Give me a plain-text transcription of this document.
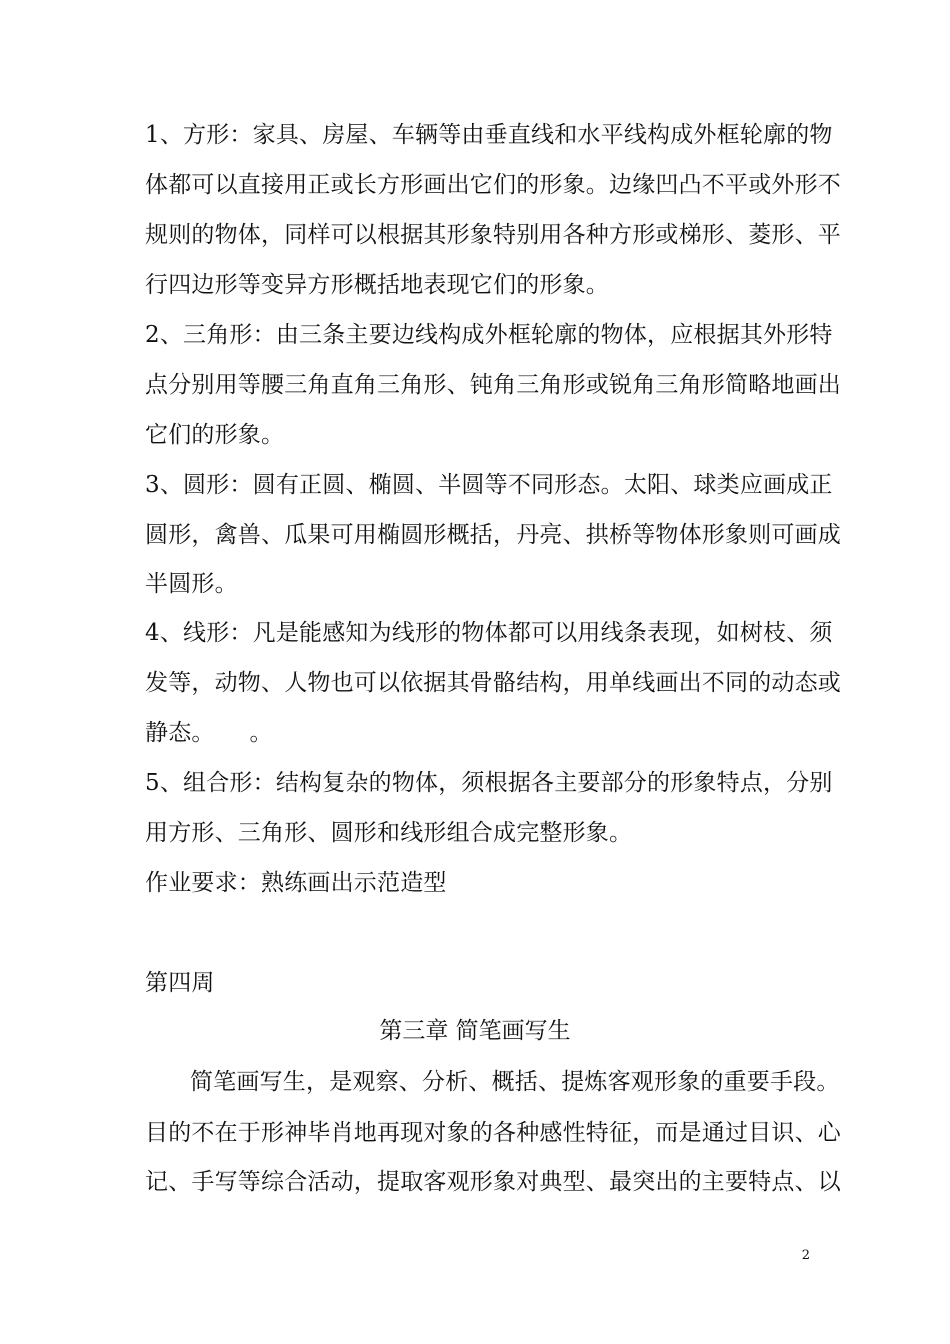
1、方形：家具、房屋、车辆等由垂直线和水平线构成外框轮廓的物
体都可以直接用正或长方形画出它们的形象。边缘凹凸不平或外形不
规则的物体，同样可以根据其形象特别用各种方形或梯形、菱形、平
行四边形等变异方形概括地表现它们的形象。
2、三角形：由三条主要边线构成外框轮廓的物体，应根据其外形特
点分别用等腰三角直角三角形、钝角三角形或锐角三角形简略地画出
它们的形象。
3、圆形：圆有正圆、椭圆、半圆等不同形态。太阳、球类应画成正
圆形，禽兽、瓜果可用椭圆形概括，丹亮、拱桥等物体形象则可画成
半圆形。
4、线形：凡是能感知为线形的物体都可以用线条表现，如树枝、须
发等，动物、人物也可以依据其骨骼结构，用单线画出不同的动态或
静态。　　。
5、组合形：结构复杂的物体，须根据各主要部分的形象特点，分别
用方形、三角形、圆形和线形组合成完整形象。
作业要求：熟练画出示范造型
第四周
第三章 简笔画写生
简笔画写生，是观察、分析、概括、提炼客观形象的重要手段。
目的不在于形神毕肖地再现对象的各种感性特征，而是通过目识、心
记、手写等综合活动，提取客观形象对典型、最突出的主要特点、以
2
